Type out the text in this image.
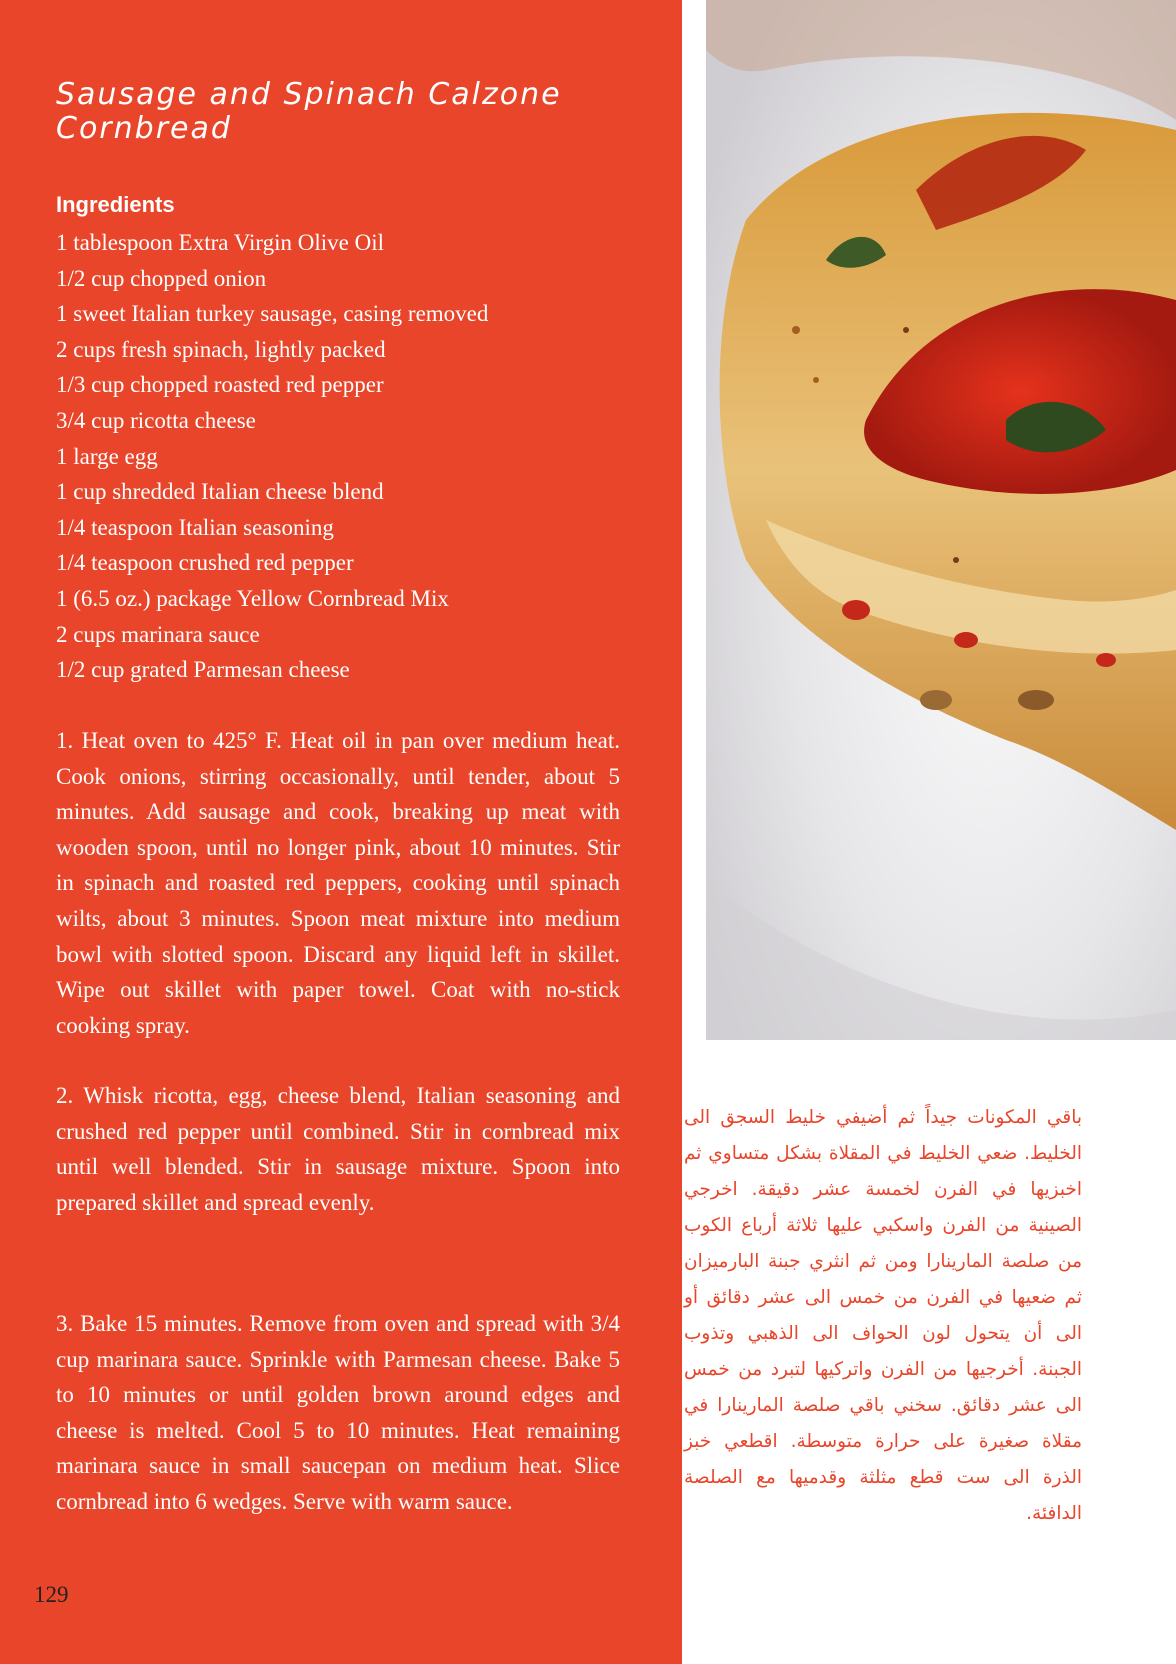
Sausage and Spinach Calzone Cornbread
Ingredients
1 tablespoon Extra Virgin Olive Oil
1/2 cup chopped onion
1 sweet Italian turkey sausage, casing removed
2 cups fresh spinach, lightly packed
1/3 cup chopped roasted red pepper
3/4 cup ricotta cheese
1 large egg
1 cup shredded Italian cheese blend
1/4 teaspoon Italian seasoning
1/4 teaspoon crushed red pepper
1 (6.5 oz.) package Yellow Cornbread Mix
2 cups marinara sauce
1/2 cup grated Parmesan cheese

1. Heat oven to 425° F. Heat oil in pan over medium heat. Cook onions, stirring occasionally, until tender, about 5 minutes. Add sausage and cook, breaking up meat with wooden spoon, until no longer pink, about 10 minutes. Stir in spinach and roasted red peppers, cooking until spinach wilts, about 3 minutes. Spoon meat mixture into medium bowl with slotted spoon. Discard any liquid left in skillet. Wipe out skillet with paper towel. Coat with no-stick cooking spray.

2. Whisk ricotta, egg, cheese blend, Italian seasoning and crushed red pepper until combined. Stir in cornbread mix until well blended. Stir in sausage mixture. Spoon into prepared skillet and spread evenly.

3. Bake 15 minutes. Remove from oven and spread with 3/4 cup marinara sauce. Sprinkle with Parmesan cheese. Bake 5 to 10 minutes or until golden brown around edges and cheese is melted. Cool 5 to 10 minutes. Heat remaining marinara sauce in small saucepan on medium heat. Slice cornbread into 6 wedges. Serve with warm sauce.

129

باقي المكونات جيداً ثم أضيفي خليط السجق الى الخليط. ضعي الخليط في المقلاة بشكل متساوي ثم اخبزيها في الفرن لخمسة عشر دقيقة. اخرجي الصينية من الفرن واسكبي عليها ثلاثة أرباع الكوب من صلصة المارينارا ومن ثم انثري جبنة البارميزان ثم ضعيها في الفرن من خمس الى عشر دقائق أو الى أن يتحول لون الحواف الى الذهبي وتذوب الجبنة. أخرجيها من الفرن واتركيها لتبرد من خمس الى عشر دقائق. سخني باقي صلصة المارينارا في مقلاة صغيرة على حرارة متوسطة. اقطعي خبز الذرة الى ست قطع مثلثة وقدميها مع الصلصة الدافئة.
